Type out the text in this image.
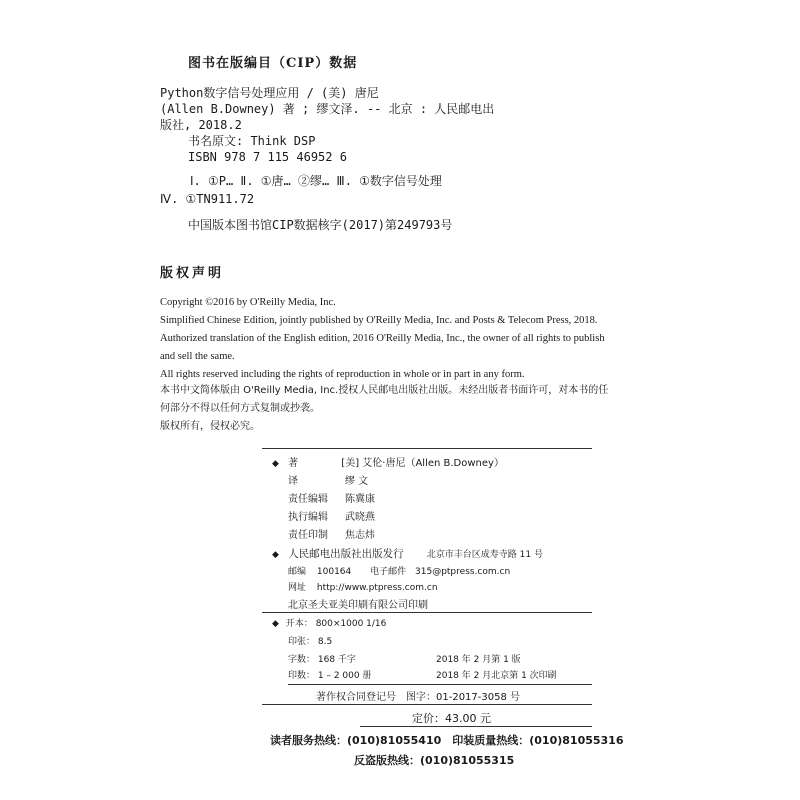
图书在版编目（CIP）数据
Python数字信号处理应用 / (美) 唐尼
(Allen B.Downey) 著 ; 缪文泽. -- 北京 : 人民邮电出
版社, 2018.2
书名原文: Think DSP
ISBN 978 7 115 46952 6
Ⅰ. ①P… Ⅱ. ①唐… ②缪… Ⅲ. ①数字信号处理
Ⅳ. ①TN911.72
中国版本图书馆CIP数据核字(2017)第249793号
版权声明
Copyright ©2016 by O'Reilly Media, Inc.
Simplified Chinese Edition, jointly published by O'Reilly Media, Inc. and Posts & Telecom Press, 2018.
Authorized translation of the English edition, 2016 O'Reilly Media, Inc., the owner of all rights to publish
and sell the same.
All rights reserved including the rights of reproduction in whole or in part in any form.
本书中文简体版由 O'Reilly Media, Inc.授权人民邮电出版社出版。未经出版者书面许可，对本书的任
何部分不得以任何方式复制或抄袭。
版权所有，侵权必究。
◆ 著	[美] 艾伦·唐尼（Allen B.Downey）
译	缪 文
责任编辑 陈冀康
执行编辑 武晓燕
责任印制 焦志炜
◆ 人民邮电出版社出版发行	北京市丰台区成寿寺路 11 号
邮编 100164 电子邮件 315@ptpress.com.cn
网址 http://www.ptpress.com.cn
北京圣夫亚美印刷有限公司印刷
◆ 开本： 800×1000 1/16
印张： 8.5
字数： 168 千字	2018 年 2 月第 1 版
印数： 1 – 2 000 册	2018 年 2 月北京第 1 次印刷
著作权合同登记号　图字：01-2017-3058 号
定价：43.00 元
读者服务热线：(010)81055410　印装质量热线：(010)81055316
反盗版热线：(010)81055315
